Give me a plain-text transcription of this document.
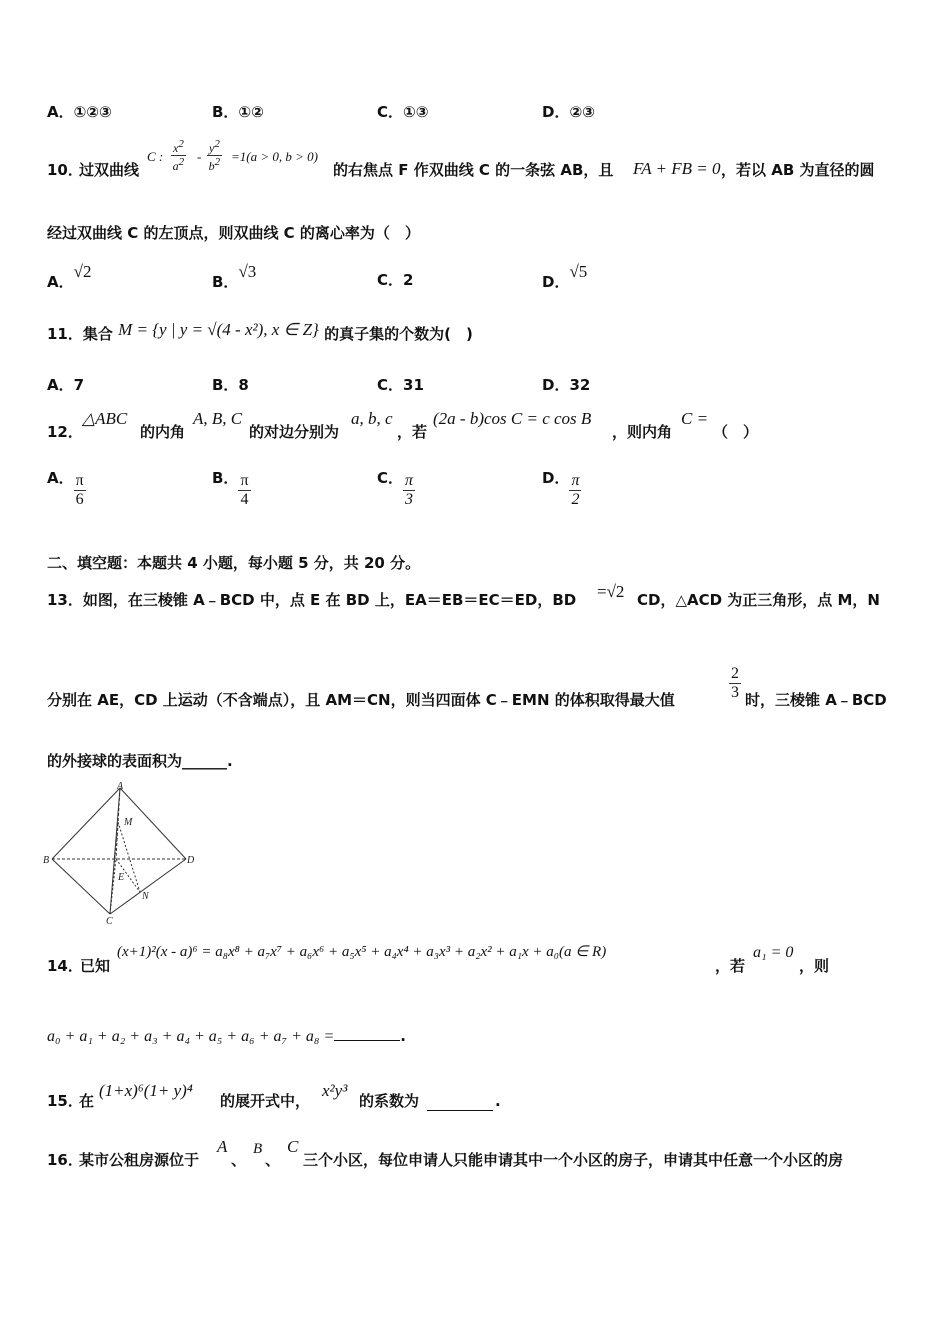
A．①②③	B．①②	C．①③	D．②③
10．
过双曲线
C : $\frac{x^2}{a^2} - \frac{y^2}{b^2} =1(a > 0$, b > 0)
的右焦点 F 作双曲线 C 的一条弦 AB，且 FA + FB = 0 ，若以 AB 为直径的圆
经过双曲线 C 的左顶点，则双曲线 C 的离心率为（　）
A．√2
B．√3	C．2	D．√5
11．集合 M = {y | y = √(4 - x²), x ∈ Z} 的真子集的个数为(　)
A．7	B．8	C．31	D．32
12．
△ABC
的内角
A, B, C
的对边分别为
a, b, c
，若
(2a - b)cos C = c cos B
，则内角
C =
（　）
A． $\frac{\pi}{6}$	B． $\frac{\pi}{4}$	C． $\frac{\pi}{3}$	D． $\frac{\pi}{2}$
二、填空题：本题共 4 小题，每小题 5 分，共 20 分。
13．如图，在三棱锥 A﹣BCD 中，点 E 在 BD 上，EA＝EB＝EC＝ED，BD =√2 CD，△ACD 为正三角形，点 M，N
分别在 AE，CD 上运动（不含端点），且 AM＝CN，则当四面体 C﹣EMN 的体积取得最大值	$\frac{2}{3}$ 时，三棱锥 A﹣BCD
的外接球的表面积为______.
A
B
C
D
M
E
N
14．
已知
(x+1)²(x - a)⁶ = a₈x⁸ + a₇x⁷ + a₆x⁶ + a₅x⁵ + a₄x⁴ + a₃x³ + a₂x² + a₁x + a₀(a ∈ R)
，若
a₁ = 0
，则
a₀ + a₁ + a₂ + a₃ + a₄ + a₅ + a₆ + a₇ + a₈ =	.
15．
在
(1+x)⁶(1+ y)⁴
的展开式中，
x²y³
的系数为	.
16．
某市公租房源位于
A
、
B
、
C
三个小区，每位申请人只能申请其中一个小区的房子，申请其中任意一个小区的房
